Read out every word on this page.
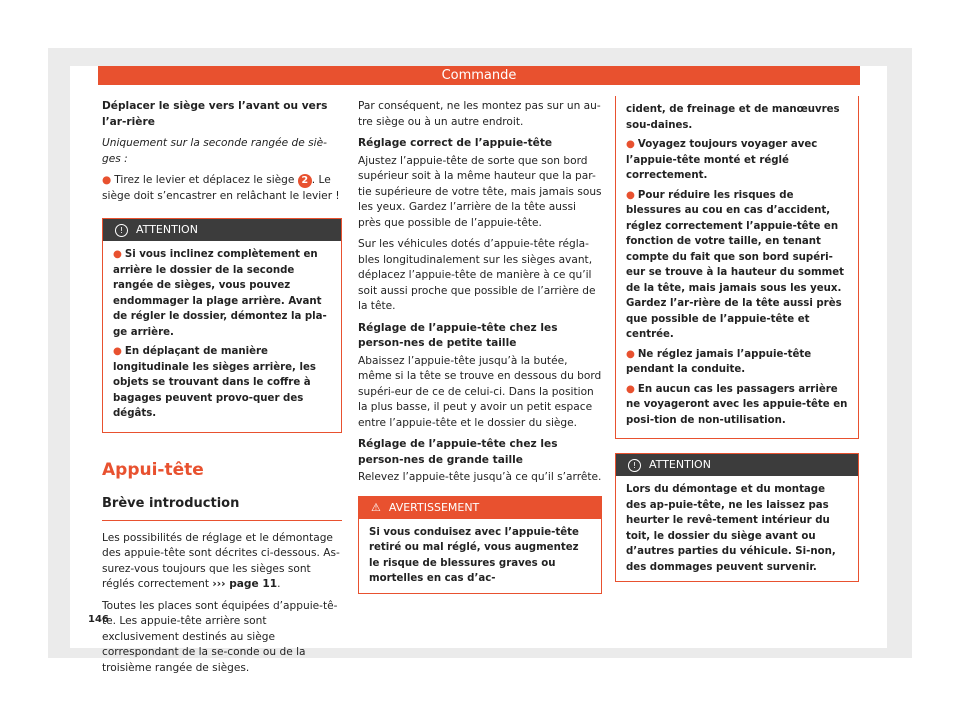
Commande

Déplacer le siège vers l’avant ou vers l’ar-rière

Uniquement sur la seconde rangée de siè-ges :

● Tirez le levier et déplacez le siège 2 . Le siège doit s’encastrer en relâchant le levier !

! ATTENTION

● Si vous inclinez complètement en arrière le dossier de la seconde rangée de sièges, vous pouvez endommager la plage arrière. Avant de régler le dossier, démontez la pla-ge arrière.

● En déplaçant de manière longitudinale les sièges arrière, les objets se trouvant dans le coffre à bagages peuvent provo-quer des dégâts.

Appui-tête

Brève introduction

Les possibilités de réglage et le démontage des appuie-tête sont décrites ci-dessous. As-surez-vous toujours que les sièges sont réglés correctement ››› page 11.

Toutes les places sont équipées d’appuie-tê-te. Les appuie-tête arrière sont exclusivement destinés au siège correspondant de la se-conde ou de la troisième rangée de sièges.

Par conséquent, ne les montez pas sur un au-tre siège ou à un autre endroit.

Réglage correct de l’appuie-tête

Ajustez l’appuie-tête de sorte que son bord supérieur soit à la même hauteur que la par-tie supérieure de votre tête, mais jamais sous les yeux. Gardez l’arrière de la tête aussi près que possible de l’appuie-tête.

Sur les véhicules dotés d’appuie-tête régla-bles longitudinalement sur les sièges avant, déplacez l’appuie-tête de manière à ce qu’il soit aussi proche que possible de l’arrière de la tête.

Réglage de l’appuie-tête chez les person-nes de petite taille

Abaissez l’appuie-tête jusqu’à la butée, même si la tête se trouve en dessous du bord supéri-eur de ce de celui-ci. Dans la position la plus basse, il peut y avoir un petit espace entre l’appuie-tête et le dossier du siège.

Réglage de l’appuie-tête chez les person-nes de grande taille

Relevez l’appuie-tête jusqu’à ce qu’il s’arrête.

⚠ AVERTISSEMENT
Si vous conduisez avec l’appuie-tête retiré ou mal réglé, vous augmentez le risque de blessures graves ou mortelles en cas d’ac-

cident, de freinage et de manœuvres sou-daines.

● Voyagez toujours voyager avec l’appuie-tête monté et réglé correctement.

● Pour réduire les risques de blessures au cou en cas d’accident, réglez correctement l’appuie-tête en fonction de votre taille, en tenant compte du fait que son bord supéri-eur se trouve à la hauteur du sommet de la tête, mais jamais sous les yeux. Gardez l’ar-rière de la tête aussi près que possible de l’appuie-tête et centrée.

● Ne réglez jamais l’appuie-tête pendant la conduite.

● En aucun cas les passagers arrière ne voyageront avec les appuie-tête en posi-tion de non-utilisation.

! ATTENTION
Lors du démontage et du montage des ap-puie-tête, ne les laissez pas heurter le revê-tement intérieur du toit, le dossier du siège avant ou d’autres parties du véhicule. Si-non, des dommages peuvent survenir.
146
